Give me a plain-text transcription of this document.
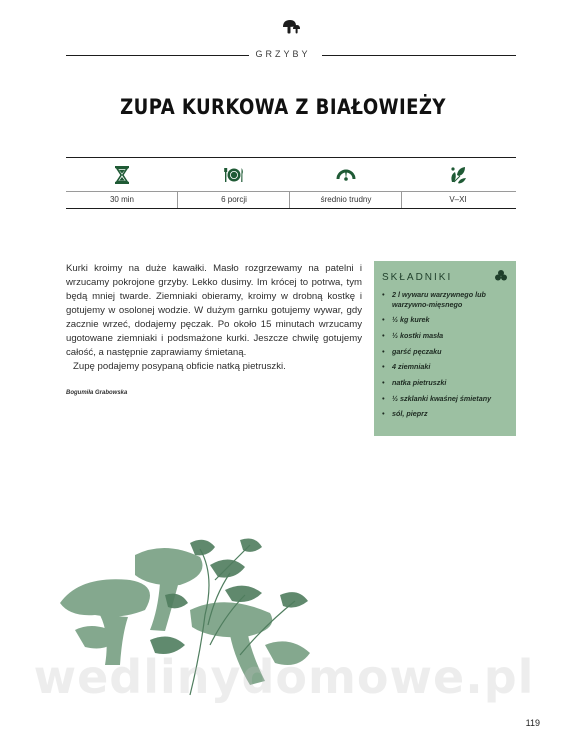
GRZYBY
ZUPA KURKOWA Z BIAŁOWIEŻY
30 min	6 porcji	średnio trudny	V–XI

Kurki kroimy na duże kawałki. Masło rozgrzewamy na patelni i wrzucamy pokrojone grzyby. Lekko dusimy. Im krócej to potrwa, tym będą mniej twarde. Ziemniaki obieramy, kroimy w drobną kostkę i gotujemy w osolonej wodzie. W dużym garnku gotujemy wywar, gdy zacznie wrzeć, dodajemy pęczak. Po około 15 minutach wrzucamy ugotowane ziemniaki i podsmażone kurki. Jeszcze chwilę gotujemy całość, a następnie zaprawiamy śmietaną.

Zupę podajemy posypaną obficie natką pietruszki.

Bogumiła Grabowska
SKŁADNIKI
• 2 l wywaru warzywnego lub warzywno-mięsnego
• ½ kg kurek
• ½ kostki masła
• garść pęczaku
• 4 ziemniaki
• natka pietruszki
• ½ szklanki kwaśnej śmietany
• sól, pieprz
wedlinydomowe.pl
119
